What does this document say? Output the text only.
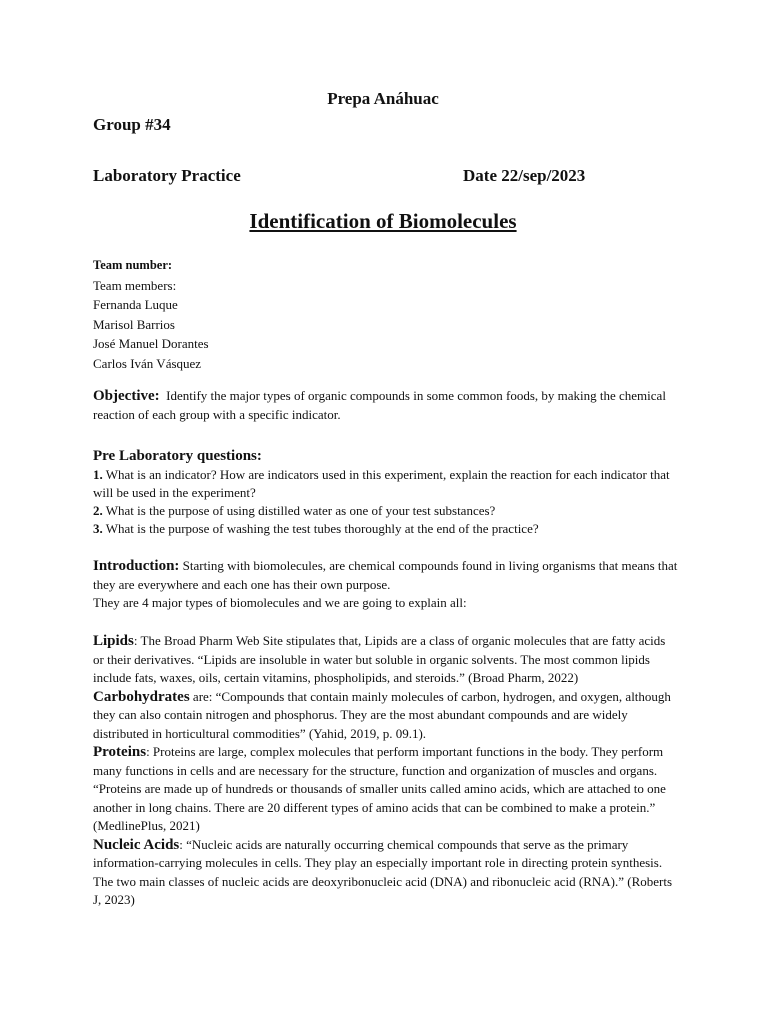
Prepa Anáhuac
Group #34
Laboratory Practice	Date 22/sep/2023
Identification of Biomolecules
Team number:
Team members:
Fernanda Luque
Marisol Barrios
José Manuel Dorantes
Carlos Iván Vásquez

Objective: Identify the major types of organic compounds in some common foods, by making the chemical reaction of each group with a specific indicator.

Pre Laboratory questions:

1. What is an indicator? How are indicators used in this experiment, explain the reaction for each indicator that will be used in the experiment?

2. What is the purpose of using distilled water as one of your test substances?

3. What is the purpose of washing the test tubes thoroughly at the end of the practice?

Introduction: Starting with biomolecules, are chemical compounds found in living organisms that means that they are everywhere and each one has their own purpose.

They are 4 major types of biomolecules and we are going to explain all:

Lipids: The Broad Pharm Web Site stipulates that, Lipids are a class of organic molecules that are fatty acids or their derivatives. “Lipids are insoluble in water but soluble in organic solvents. The most common lipids include fats, waxes, oils, certain vitamins, phospholipids, and steroids.” (Broad Pharm, 2022)

Carbohydrates are: “Compounds that contain mainly molecules of carbon, hydrogen, and oxygen, although they can also contain nitrogen and phosphorus. They are the most abundant compounds and are widely distributed in horticultural commodities” (Yahid, 2019, p. 09.1).

Proteins: Proteins are large, complex molecules that perform important functions in the body. They perform many functions in cells and are necessary for the structure, function and organization of muscles and organs. “Proteins are made up of hundreds or thousands of smaller units called amino acids, which are attached to one another in long chains. There are 20 different types of amino acids that can be combined to make a protein.” (MedlinePlus, 2021)

Nucleic Acids: “Nucleic acids are naturally occurring chemical compounds that serve as the primary information-carrying molecules in cells. They play an especially important role in directing protein synthesis. The two main classes of nucleic acids are deoxyribonucleic acid (DNA) and ribonucleic acid (RNA).” (Roberts J, 2023)
